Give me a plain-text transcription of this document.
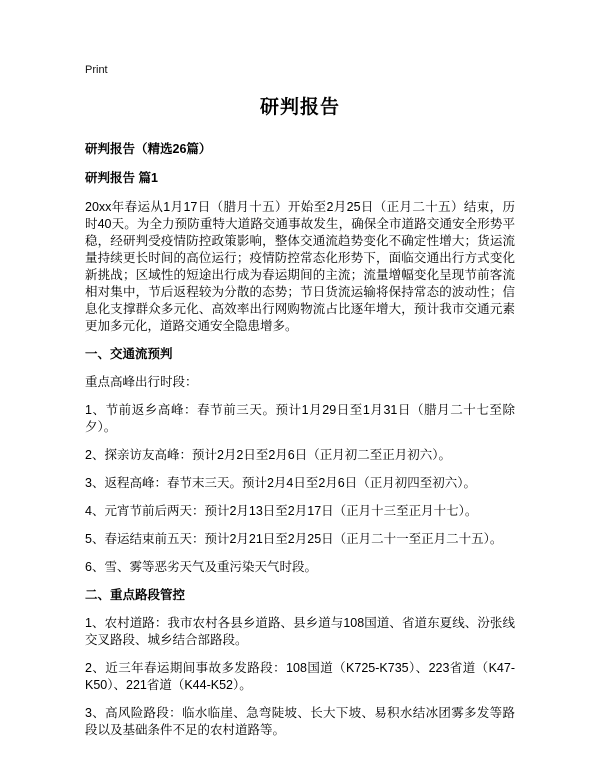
Print
研判报告

研判报告（精选26篇）

研判报告 篇1

20xx年春运从1月17日（腊月十五）开始至2月25日（正月二十五）结束，历时40天。为全力预防重特大道路交通事故发生，确保全市道路交通安全形势平稳，经研判受疫情防控政策影响，整体交通流趋势变化不确定性增大；货运流量持续更长时间的高位运行；疫情防控常态化形势下，面临交通出行方式变化新挑战；区域性的短途出行成为春运期间的主流；流量增幅变化呈现节前客流相对集中，节后返程较为分散的态势；节日货流运输将保持常态的波动性；信息化支撑群众多元化、高效率出行网购物流占比逐年增大，预计我市交通元素更加多元化，道路交通安全隐患增多。

一、交通流预判

重点高峰出行时段：

1、节前返乡高峰：春节前三天。预计1月29日至1月31日（腊月二十七至除夕）。

2、探亲访友高峰：预计2月2日至2月6日（正月初二至正月初六）。

3、返程高峰：春节末三天。预计2月4日至2月6日（正月初四至初六）。

4、元宵节前后两天：预计2月13日至2月17日（正月十三至正月十七）。

5、春运结束前五天：预计2月21日至2月25日（正月二十一至正月二十五）。

6、雪、雾等恶劣天气及重污染天气时段。

二、重点路段管控

1、农村道路：我市农村各县乡道路、县乡道与108国道、省道东夏线、汾张线交叉路段、城乡结合部路段。

2、近三年春运期间事故多发路段：108国道（K725-K735）、223省道（K47-K50）、221省道（K44-K52）。

3、高风险路段：临水临崖、急弯陡坡、长大下坡、易积水结冰团雾多发等路段以及基础条件不足的农村道路等。
